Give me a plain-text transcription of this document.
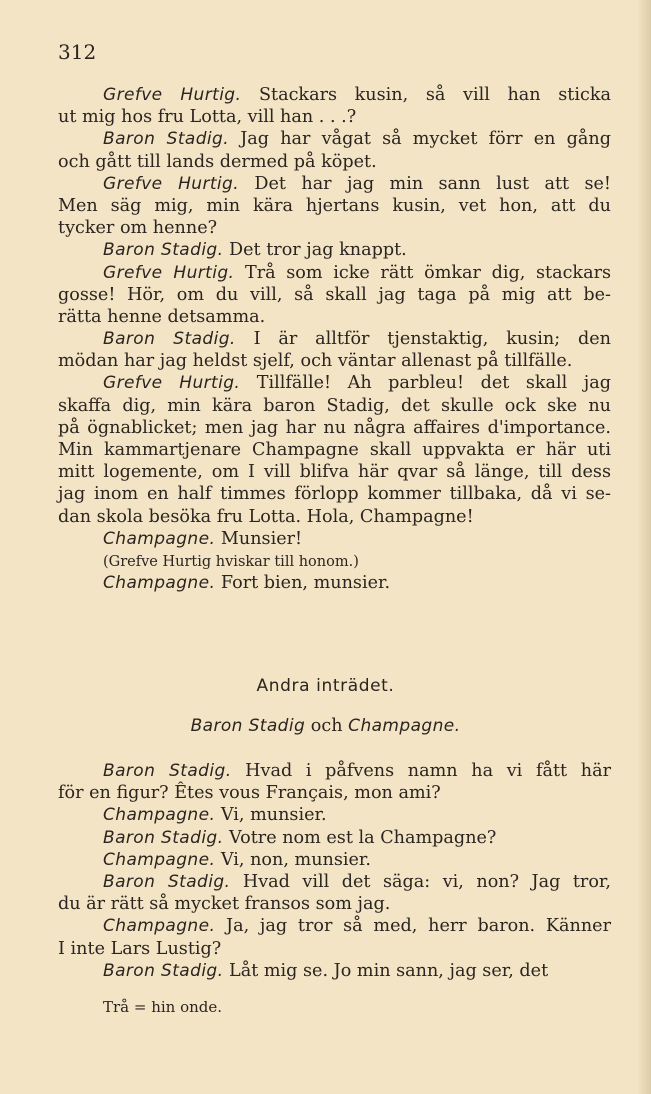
312
Grefve Hurtig. Stackars kusin, så vill han sticka
ut mig hos fru Lotta, vill han . . .?
Baron Stadig. Jag har vågat så mycket förr en gång
och gått till lands dermed på köpet.
Grefve Hurtig. Det har jag min sann lust att se!
Men säg mig, min kära hjertans kusin, vet hon, att du
tycker om henne?
Baron Stadig. Det tror jag knappt.
Grefve Hurtig. Trå som icke rätt ömkar dig, stackars
gosse! Hör, om du vill, så skall jag taga på mig att be-
rätta henne detsamma.
Baron Stadig. I är alltför tjenstaktig, kusin; den
mödan har jag heldst sjelf, och väntar allenast på tillfälle.
Grefve Hurtig. Tillfälle! Ah parbleu! det skall jag
skaffa dig, min kära baron Stadig, det skulle ock ske nu
på ögnablicket; men jag har nu några affaires d'importance.
Min kammartjenare Champagne skall uppvakta er här uti
mitt logemente, om I vill blifva här qvar så länge, till dess
jag inom en half timmes förlopp kommer tillbaka, då vi se-
dan skola besöka fru Lotta. Hola, Champagne!
Champagne. Munsier!
(Grefve Hurtig hviskar till honom.)
Champagne. Fort bien, munsier.
Andra inträdet.
Baron Stadig och Champagne.
Baron Stadig. Hvad i påfvens namn ha vi fått här
för en figur? Êtes vous Français, mon ami?
Champagne. Vi, munsier.
Baron Stadig. Votre nom est la Champagne?
Champagne. Vi, non, munsier.
Baron Stadig. Hvad vill det säga: vi, non? Jag tror,
du är rätt så mycket fransos som jag.
Champagne. Ja, jag tror så med, herr baron. Känner
I inte Lars Lustig?
Baron Stadig. Låt mig se. Jo min sann, jag ser, det
Trå = hin onde.
